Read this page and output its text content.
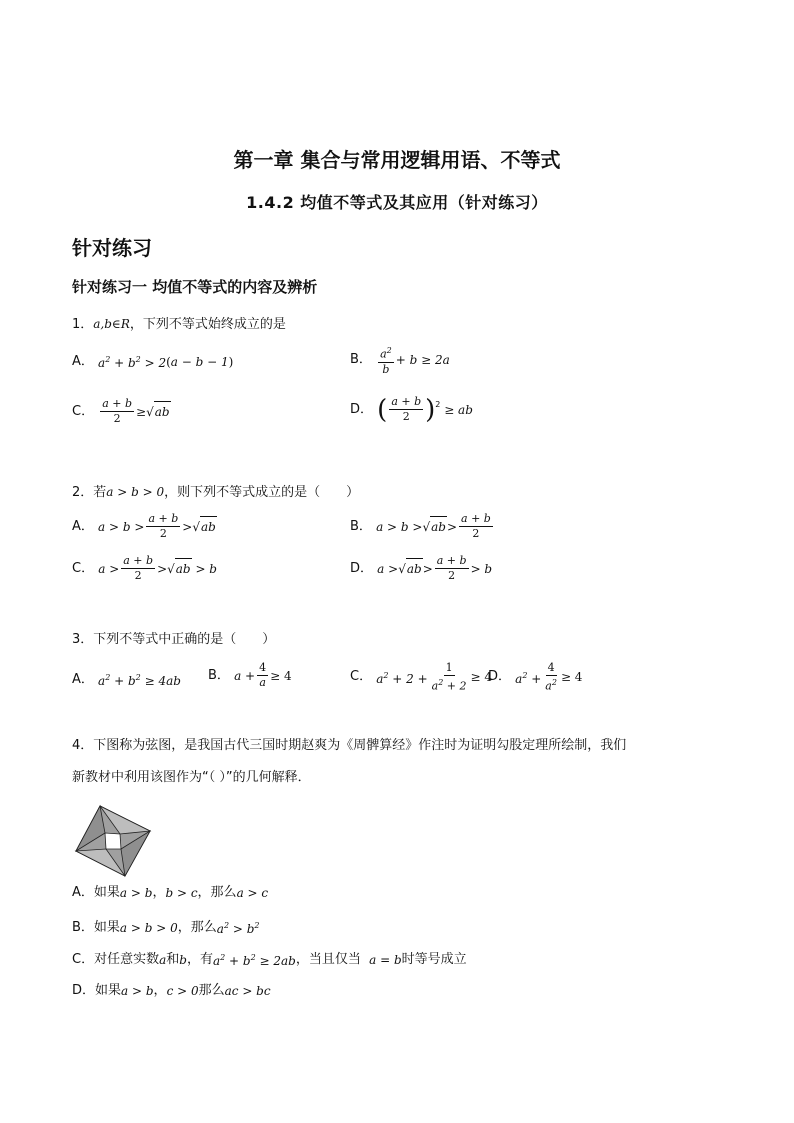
第一章 集合与常用逻辑用语、不等式
1.4.2 均值不等式及其应用（针对练习）
针对练习
针对练习一 均值不等式的内容及辨析
1．a,b∈R，下列不等式始终成立的是
A．
$a^2 + b^2 > 2$ ( a − b − 1 )	B．
$\frac{a^2}{b} + b \ge 2a$
C．
$\frac{a + b}{2}$ ≥ √ ab	D．
( $\frac{a + b}{2} )^2$ ≥ ab
2．若a > b > 0，则下列不等式成立的是（　　）
A．
$a > b > \frac{a + b}{2}$ > √ ab	B．
a > b > √ ab > $\frac{a + b}{2}$
C．
$a > \frac{a + b}{2}$ > √ ab > b	D．
a > √ ab > $\frac{a + b}{2} > b$
3．下列不等式中正确的是（　　）
A．
$a^2 + b^2 \ge 4ab$ B．
$a + \frac{4}{a} \ge 4$	C．
$a^2 + 2 + \frac{1}{a^2 + 2} \ge 4$
D．
$a^2 + \frac{4}{a^2} \ge 4$
4．下图称为弦图，是我国古代三国时期赵爽为《周髀算经》作注时为证明勾股定理所绘制，我们
新教材中利用该图作为“（ ）”的几何解释．
A．如果 a > b ， b > c ，那么 a > c
B．如果 a > b > 0 ，那么 $a^2 > b^2$
C．对任意实数 a 和 b ，有 $a^2 + b^2 \ge 2ab$ ，当且仅当
a = b 时等号成立
D．如果 a > b ， c > 0 那么 ac > bc
